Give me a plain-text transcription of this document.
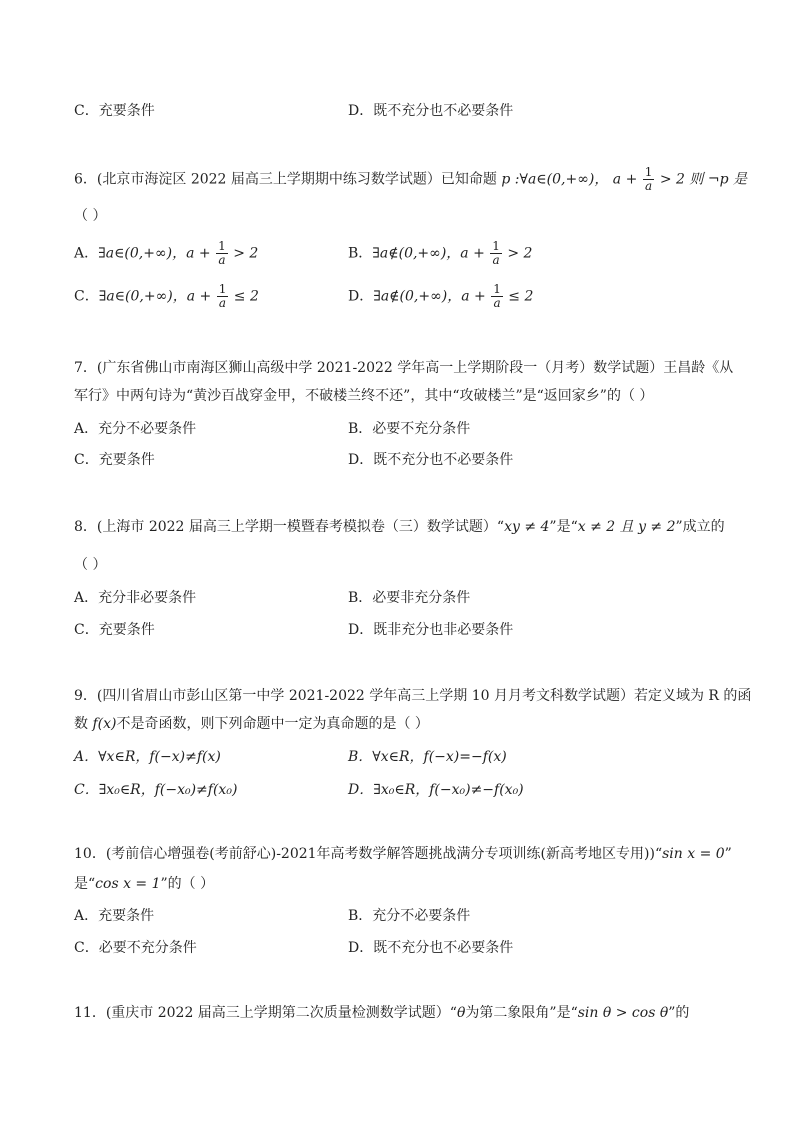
C．充要条件	D．既不充分也不必要条件
6．(北京市海淀区 2022 届高三上学期期中练习数学试题）已知命题 p :∀a∈(0,+∞)， $a + \frac{1}{a} > 2$ 则 ¬p 是
（ ）
A．∃a∈(0,+∞)，$a + \frac{1}{a} > 2$	B．∃a∉(0,+∞)，$a + \frac{1}{a} > 2$
C．∃a∈(0,+∞)，$a + \frac{1}{a} \le 2$	D．∃a∉(0,+∞)，$a + \frac{1}{a} \le 2$
7．(广东省佛山市南海区狮山高级中学 2021-2022 学年高一上学期阶段一（月考）数学试题）王昌龄《从
军行》中两句诗为“黄沙百战穿金甲，不破楼兰终不还”，其中“攻破楼兰”是“返回家乡”的（ ）
A．充分不必要条件	B．必要不充分条件
C．充要条件	D．既不充分也不必要条件
8．(上海市 2022 届高三上学期一模暨春考模拟卷（三）数学试题）“xy ≠ 4”是“x ≠ 2 且 y ≠ 2”成立的
（ ）
A．充分非必要条件	B．必要非充分条件
C．充要条件	D．既非充分也非必要条件
9．(四川省眉山市彭山区第一中学 2021-2022 学年高三上学期 10 月月考文科数学试题）若定义域为 R 的函
数 f(x)不是奇函数，则下列命题中一定为真命题的是（ ）
A．∀x∈R，f(−x)≠f(x)	B．∀x∈R，f(−x)=−f(x)
C．∃x₀∈R，f(−x₀)≠f(x₀)	D．∃x₀∈R，f(−x₀)≠−f(x₀)
10．(考前信心增强卷(考前舒心)-2021年高考数学解答题挑战满分专项训练(新高考地区专用))“sin x = 0”
是“cos x = 1”的（ ）
A．充要条件	B．充分不必要条件
C．必要不充分条件	D．既不充分也不必要条件
11．(重庆市 2022 届高三上学期第二次质量检测数学试题）“θ为第二象限角”是“sin θ > cos θ”的
